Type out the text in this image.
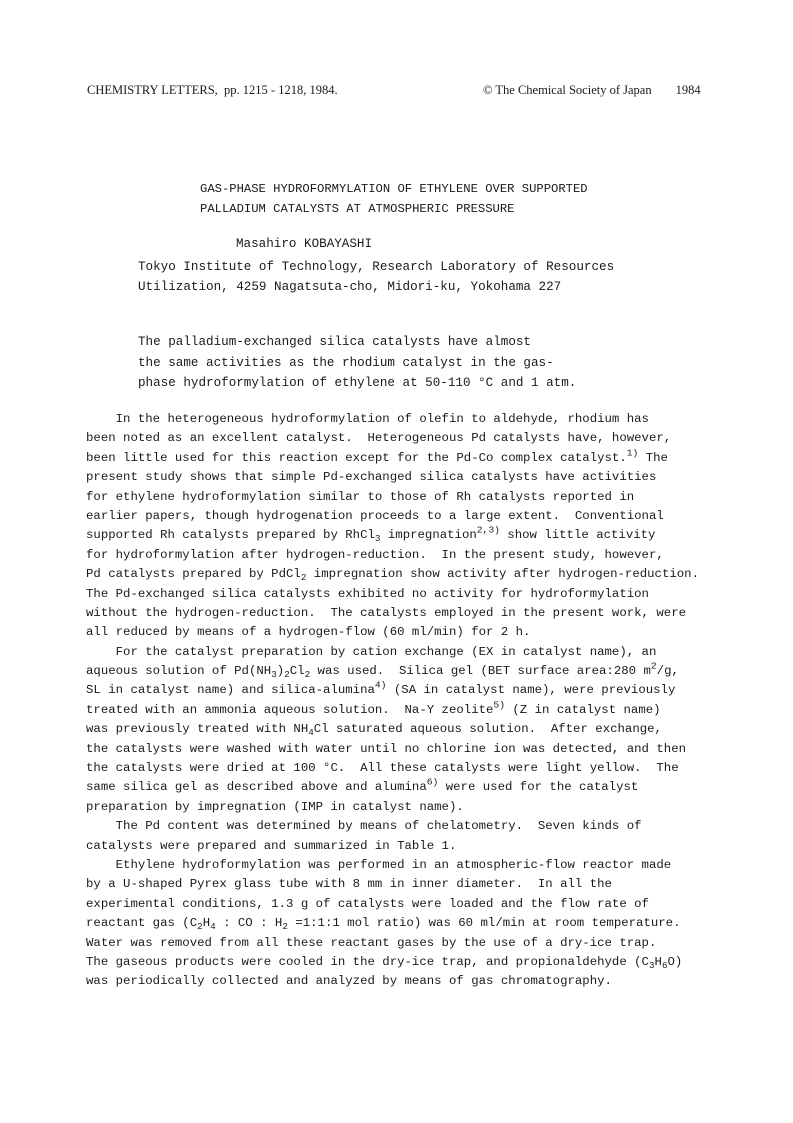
CHEMISTRY LETTERS, pp. 1215 - 1218, 1984.	© The Chemical Society of Japan 1984
GAS-PHASE HYDROFORMYLATION OF ETHYLENE OVER SUPPORTED
PALLADIUM CATALYSTS AT ATMOSPHERIC PRESSURE
Masahiro KOBAYASHI
Tokyo Institute of Technology, Research Laboratory of Resources
Utilization, 4259 Nagatsuta-cho, Midori-ku, Yokohama 227
The palladium-exchanged silica catalysts have almost
the same activities as the rhodium catalyst in the gas-
phase hydroformylation of ethylene at 50-110 °C and 1 atm.
In the heterogeneous hydroformylation of olefin to aldehyde, rhodium has
been noted as an excellent catalyst.  Heterogeneous Pd catalysts have, however,
been little used for this reaction except for the Pd-Co complex catalyst.$^{1)}$ The
present study shows that simple Pd-exchanged silica catalysts have activities
for ethylene hydroformylation similar to those of Rh catalysts reported in
earlier papers, though hydrogenation proceeds to a large extent.  Conventional
supported Rh catalysts prepared by RhCl$_3$ impregnation$^{2,3)}$ show little activity
for hydroformylation after hydrogen-reduction.  In the present study, however,
Pd catalysts prepared by PdCl$_2$ impregnation show activity after hydrogen-reduction.
The Pd-exchanged silica catalysts exhibited no activity for hydroformylation
without the hydrogen-reduction.  The catalysts employed in the present work, were
all reduced by means of a hydrogen-flow (60 ml/min) for 2 h.
For the catalyst preparation by cation exchange (EX in catalyst name), an
aqueous solution of $Pd(NH_3)_2Cl_2$ was used.  Silica gel (BET surface area:280 $m^2/g$,
SL in catalyst name) and silica-alumina$^{4)}$ (SA in catalyst name), were previously
treated with an ammonia aqueous solution.  Na-Y zeolite$^{5)}$ (Z in catalyst name)
was previously treated with $NH_4Cl$ saturated aqueous solution.  After exchange,
the catalysts were washed with water until no chlorine ion was detected, and then
the catalysts were dried at 100 °C.  All these catalysts were light yellow.  The
same silica gel as described above and alumina$^{6)}$ were used for the catalyst
preparation by impregnation (IMP in catalyst name).
The Pd content was determined by means of chelatometry.  Seven kinds of
catalysts were prepared and summarized in Table 1.
Ethylene hydroformylation was performed in an atmospheric-flow reactor made
by a U-shaped Pyrex glass tube with 8 mm in inner diameter.  In all the
experimental conditions, 1.3 g of catalysts were loaded and the flow rate of
reactant gas ($C_2H_4$ : CO : $H_2$ =1:1:1 mol ratio) was 60 ml/min at room temperature.
Water was removed from all these reactant gases by the use of a dry-ice trap.
The gaseous products were cooled in the dry-ice trap, and propionaldehyde $(C_3H_6O)$
was periodically collected and analyzed by means of gas chromatography.
